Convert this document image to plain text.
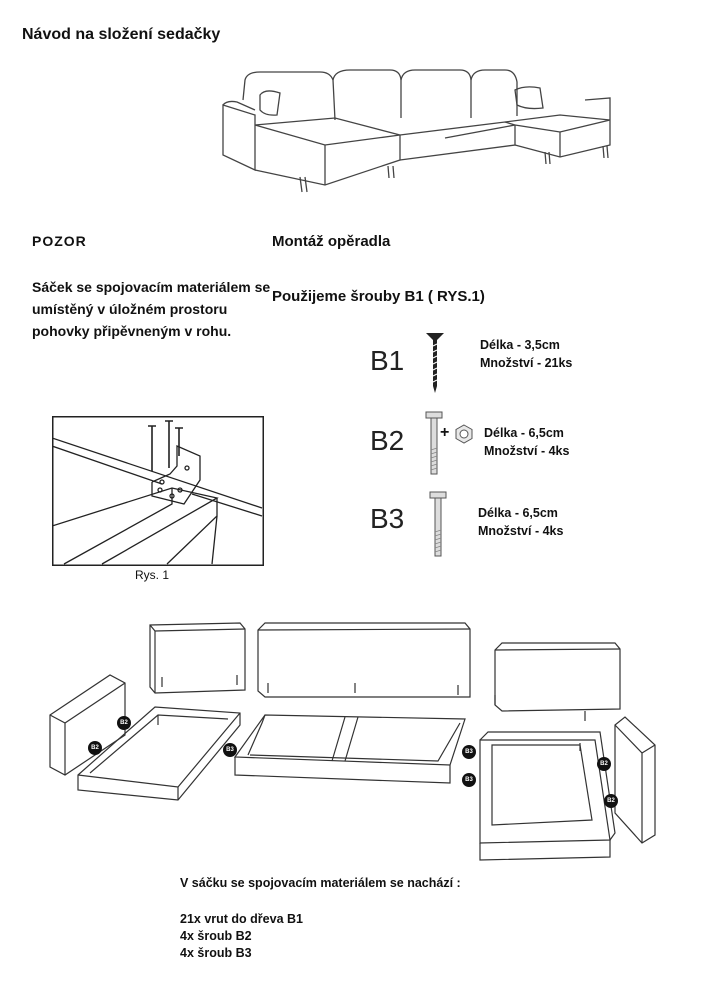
Návod na složení sedačky
POZOR
Sáček se spojovacím materiálem se umístěný v úložném prostoru pohovky připěvneným v rohu.
Montáž opěradla
Použijeme šrouby B1 ( RYS.1)
Rys. 1
B1	Délka - 3,5cm
Množství - 21ks
B2 +	Délka - 6,5cm
Množství - 4ks
B3	Délka - 6,5cm
Množství - 4ks
B2
B2	B3	B3
B3
B2
B2
V sáčku se spojovacím materiálem se nachází :
21x vrut do dřeva B1
4x šroub B2
4x šroub B3
